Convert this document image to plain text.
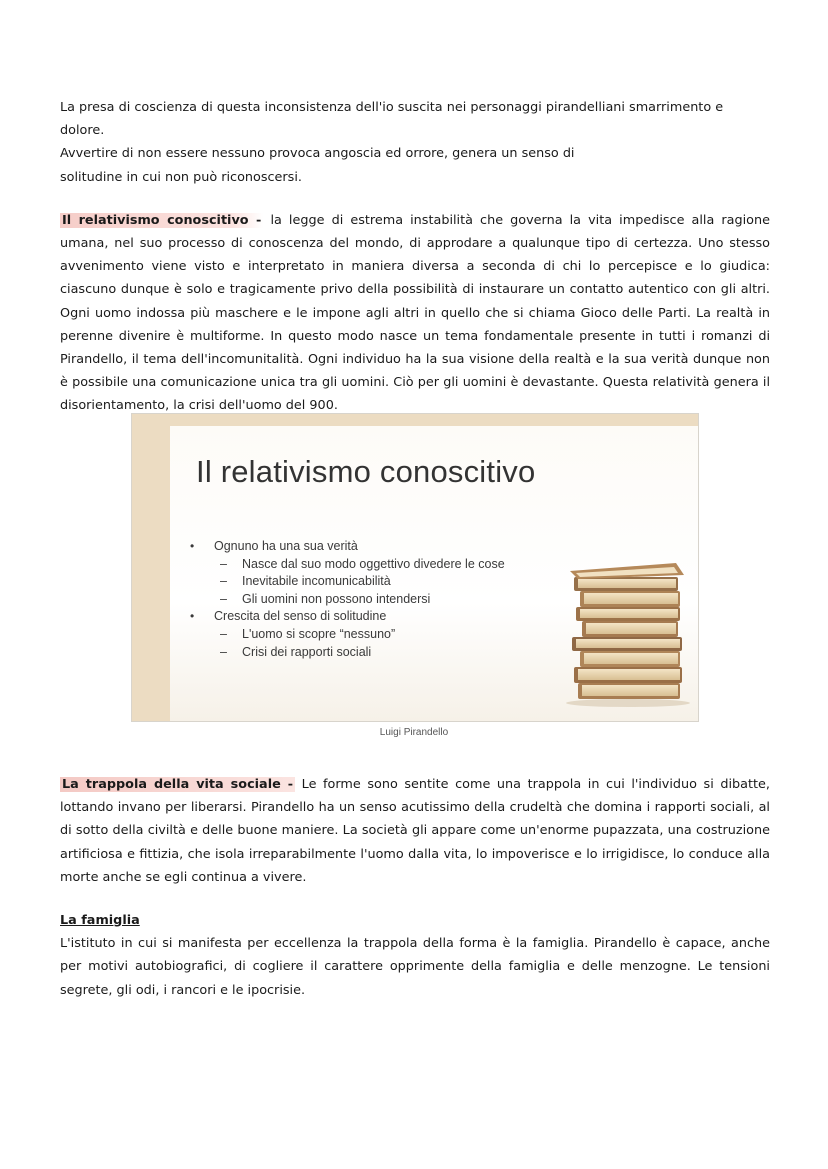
La presa di coscienza di questa inconsistenza dell'io suscita nei personaggi pirandelliani smarrimento e dolore.
Avvertire di non essere nessuno provoca angoscia ed orrore, genera un senso di
solitudine in cui non può riconoscersi.

Il relativismo conoscitivo - la legge di estrema instabilità che governa la vita impedisce alla ragione umana, nel suo processo di conoscenza del mondo, di approdare a qualunque tipo di certezza. Uno stesso avvenimento viene visto e interpretato in maniera diversa a seconda di chi lo percepisce e lo giudica: ciascuno dunque è solo e tragicamente privo della possibilità di instaurare un contatto autentico con gli altri. Ogni uomo indossa più maschere e le impone agli altri in quello che si chiama Gioco delle Parti. La realtà in perenne divenire è multiforme. In questo modo nasce un tema fondamentale presente in tutti i romanzi di Pirandello, il tema dell'incomunitalità. Ogni individuo ha la sua visione della realtà e la sua verità dunque non è possibile una comunicazione unica tra gli uomini. Ciò per gli uomini è devastante. Questa relatività genera il disorientamento, la crisi dell'uomo del 900.

Il relativismo conoscitivo
• Ognuno ha una sua verità
– Nasce dal suo modo oggettivo divedere le cose
– Inevitabile incomunicabilità
– Gli uomini non possono intendersi
• Crescita del senso di solitudine
– L'uomo si scopre “nessuno”
– Crisi dei rapporti sociali
Luigi Pirandello

La trappola della vita sociale - Le forme sono sentite come una trappola in cui l'individuo si dibatte, lottando invano per liberarsi. Pirandello ha un senso acutissimo della crudeltà che domina i rapporti sociali, al di sotto della civiltà e delle buone maniere. La società gli appare come un'enorme pupazzata, una costruzione artificiosa e fittizia, che isola irreparabilmente l'uomo dalla vita, lo impoverisce e lo irrigidisce, lo conduce alla morte anche se egli continua a vivere.

La famiglia

L'istituto in cui si manifesta per eccellenza la trappola della forma è la famiglia. Pirandello è capace, anche per motivi autobiografici, di cogliere il carattere opprimente della famiglia e delle menzogne. Le tensioni segrete, gli odi, i rancori e le ipocrisie.
